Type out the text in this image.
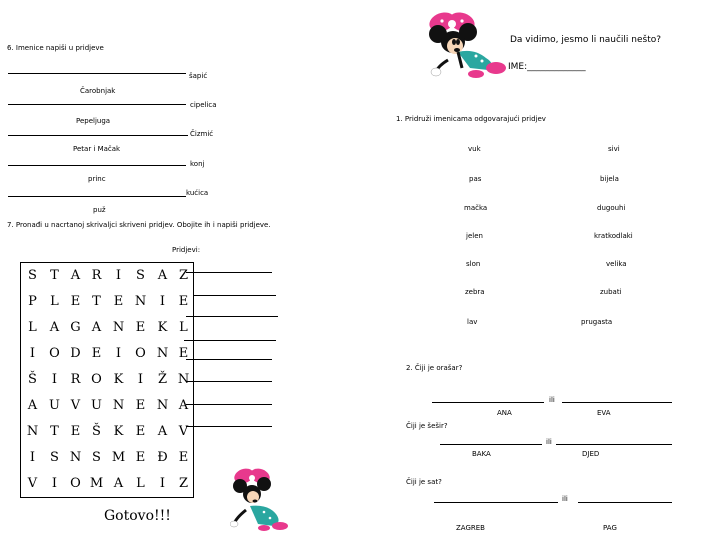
Da vidimo, jesmo li naučili nešto?
IME:_____________
6. Imenice napiši u pridjeve
šapić
Čarobnjak
cipelica
Pepeljuga
Čizmić
Petar i Mačak
konj
princ
kućica
puž
7. Pronađi u nacrtanoj skrivaljci skriveni pridjev. Obojite ih i napiši pridjeve.
Pridjevi:
S	T A R	I	S A Z
P	L E T E N	I	E
L A G A N E K L
I	O D E	I	O N E
Š	I	R O K	I	Ž N
A U V U N E N A
N T E Š K E A V
I	S N S M E Đ E
V	I	O M A L	I	Z
Gotovo!!!
1. Pridruži imenicama odgovarajući pridjev
vuk	sivi
pas	bijela
mačka	dugouhi
jelen	kratkodlaki
slon	velika
zebra	zubati
lav	prugasta
2. Čiji je orašar?
ili
ANA	EVA
Čiji je šešir?
ili
BAKA	DJED
Čiji je sat?
ili
ZAGREB	PAG
